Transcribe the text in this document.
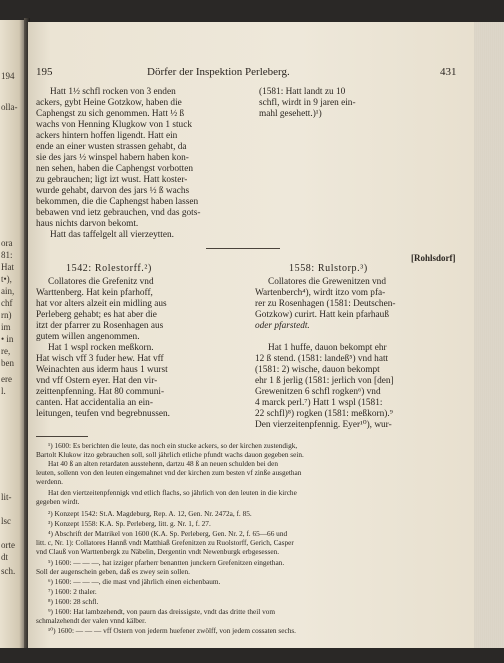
194
olla-
ora
81:
Hat
t•),
ain,
chf
rn)
im
• in
re,
ben
ere
l.
lit-
lsc
orte
dt
sch.
195	Dörfer der Inspektion Perleberg.	431
(1581: Hatt landt zu 10
schfl, wirdt in 9 jaren ein-
mahl gesehett.)¹)
Hatt 1½ schfl rocken von 3 enden
ackers, gybt Heine Gotzkow, haben die
Caphengst zu sich genommen. Hatt ½ ß
wachs von Henning Klugkow von 1 stuck
ackers hintern hoffen ligendt. Hatt ein
ende an einer wusten strassen gehabt, da
sie des jars ½ winspel habern haben kon-
nen sehen, haben die Caphengst vorbotten
zu gebrauchen; ligt izt wust. Hatt koster-
wurde gehabt, darvon des jars ½ ß wachs
bekommen, die die Caphengst haben lassen
bebawen vnd ietz gebrauchen, vnd das gots-
haus nichts darvon bekomt.
Hatt das taffelgelt all vierzeytten.
[Rohlsdorf]
1542: Rolestorff.²)
Collatores die Grefenitz vnd
Warttenberg. Hat kein pfarhoff,
hat vor alters alzeit ein midling aus
Perleberg gehabt; es hat aber die
itzt der pfarrer zu Rosenhagen aus
gutem willen angenommen.
Hat 1 wspl rocken meßkorn.
Hat wisch vff 3 fuder hew. Hat vff
Weinachten aus iderm haus 1 wurst
vnd vff Ostern eyer. Hat den vir-
zeittenpfenning. Hat 80 communi-
canten. Hat accidentalia an ein-
leitungen, teufen vnd begrebnussen.
1558: Rulstorp.³)
Collatores die Grewenitzen vnd
Wartenberch⁴), wirdt itzo vom pfa-
rer zu Rosenhagen (1581: Deutschen-
Gotzkow) curirt. Hatt kein pfarhauß
oder pfarstedt.
Hat 1 huffe, dauon bekompt ehr
12 ß stend. (1581: landeß⁵) vnd hatt
(1581: 2) wische, dauon bekompt
ehr 1 ß jerlig (1581: jerlich von [den]
Grewenitzen 6 schfl rogken⁶) vnd
4 marck perl.⁷) Hatt 1 wspl (1581:
22 schfl)⁸) rogken (1581: meßkorn).⁹
Den vierzeitenpfennig. Eyer¹⁰), wur-
¹) 1600: Es berichten die leute, das noch ein stucke ackers, so der kirchen zustendigk,
Bartolt Klukow itzo gebrauchen soll, soll jährlich etliche pfundt wachs dauon gegeben sein.
Hat 40 ß an alten retardaten ausstehenn, dartzu 48 ß an neuen schulden bei den
leuten, sollenn von den leuten eingemahnet vnd der kirchen zum besten vf zinße ausgethan
werdenn.
Hat den viertzeitenpfennigk vnd etlich flachs, so jährlich von den leuten in die kirche
gegeben wirdt.
²) Konzept 1542: St.A. Magdeburg, Rep. A. 12, Gen. Nr. 2472a, f. 85.
³) Konzept 1558: K.A. Sp. Perleberg, litt. g. Nr. 1, f. 27.
⁴) Abschrift der Matrikel von 1600 (K.A. Sp. Perleberg, Gen. Nr. 2, f. 65—66 und
litt. c, Nr. 1): Collatores Hannß vndt Matthiaß Grefenitzen zu Ruolstorff, Gerich, Casper
vnd Clauß von Warttenbergk zu Näbelin, Dergentin vndt Newenburgk erbgesessen.
⁵) 1600: — — —, hat izziger pfarherr benantten junckern Grefenitzen eingethan.
Soll der augenschein geben, daß es zwey sein sollen.
⁶) 1600: — — —, die mast vnd jährlich einen eichenbaum.
⁷) 1600: 2 thaler.
⁸) 1600: 28 schfl.
⁹) 1600: Hat lambzehendt, von paurn das dreissigste, vndt das dritte theil vom
schmalzehendt der valen vnnd kälber.
¹⁰) 1600: — — — vff Ostern von jederm huefener zwölff, von jedem cossaten sechs.
